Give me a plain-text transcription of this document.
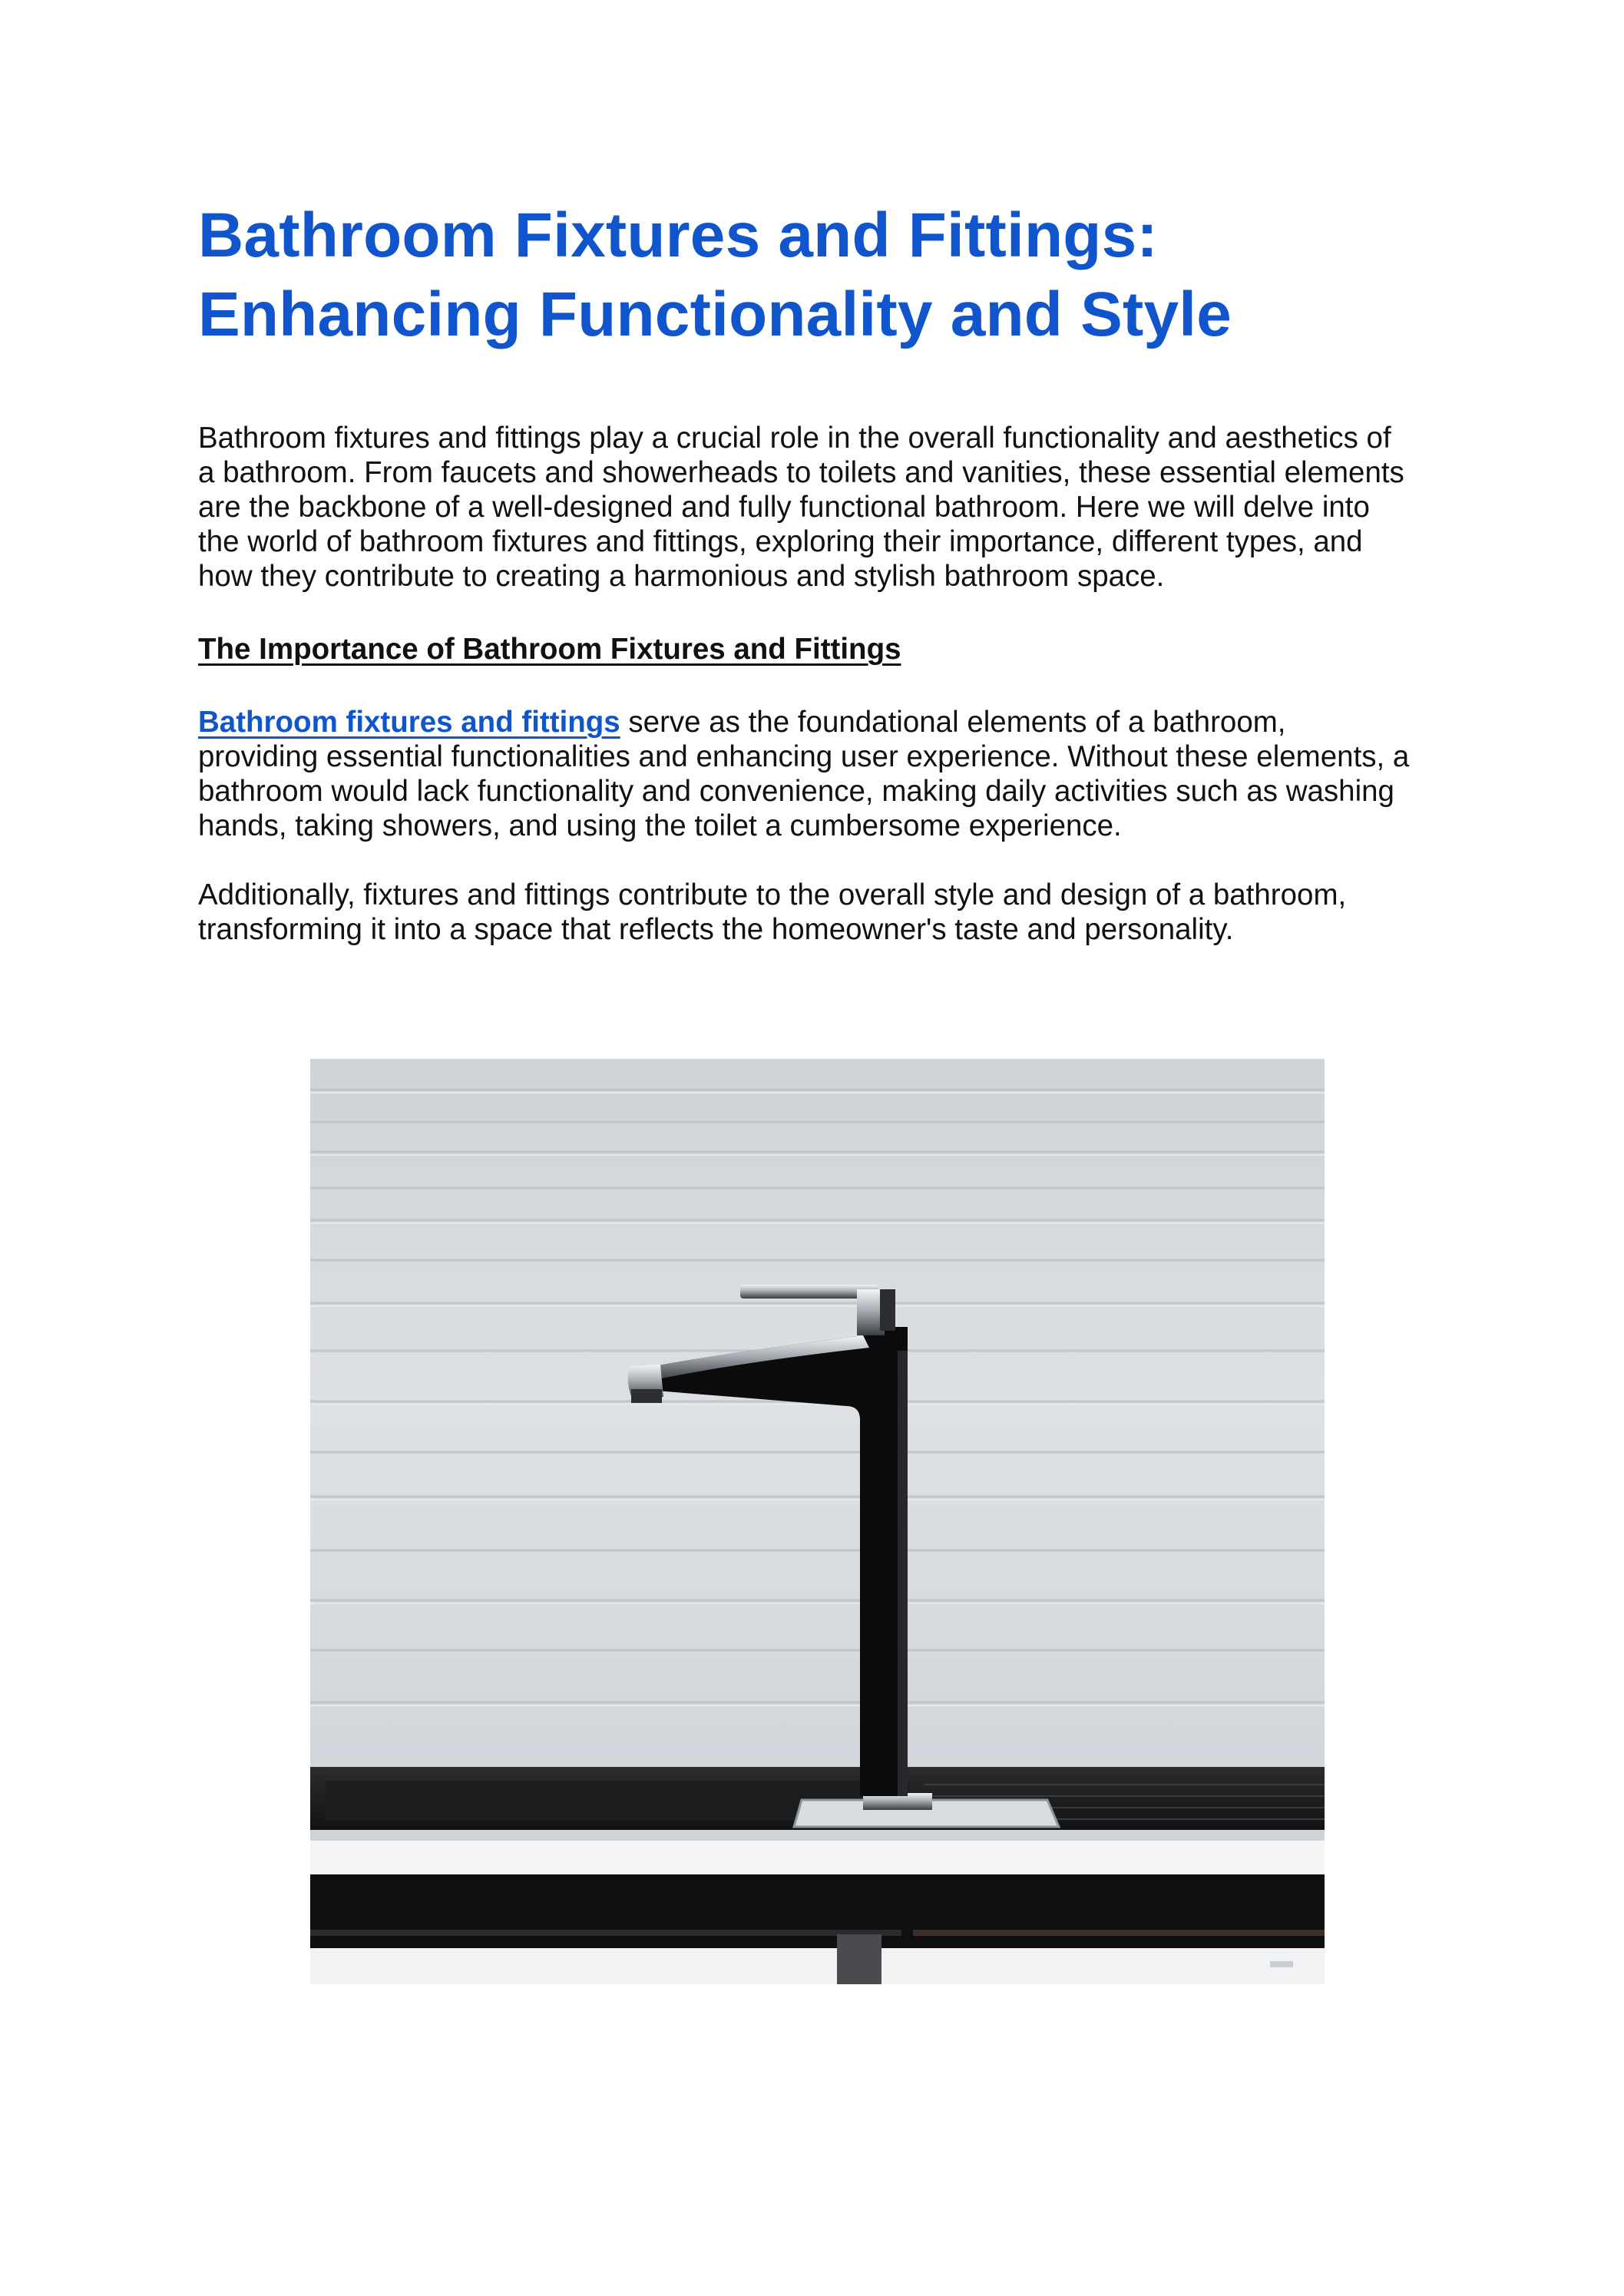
Bathroom Fixtures and Fittings:
Enhancing Functionality and Style

Bathroom fixtures and fittings play a crucial role in the overall functionality and aesthetics of
a bathroom. From faucets and showerheads to toilets and vanities, these essential elements
are the backbone of a well-designed and fully functional bathroom. Here we will delve into
the world of bathroom fixtures and fittings, exploring their importance, different types, and
how they contribute to creating a harmonious and stylish bathroom space.

The Importance of Bathroom Fixtures and Fittings

Bathroom fixtures and fittings serve as the foundational elements of a bathroom,
providing essential functionalities and enhancing user experience. Without these elements, a
bathroom would lack functionality and convenience, making daily activities such as washing
hands, taking showers, and using the toilet a cumbersome experience.

Additionally, fixtures and fittings contribute to the overall style and design of a bathroom,
transforming it into a space that reflects the homeowner's taste and personality.
